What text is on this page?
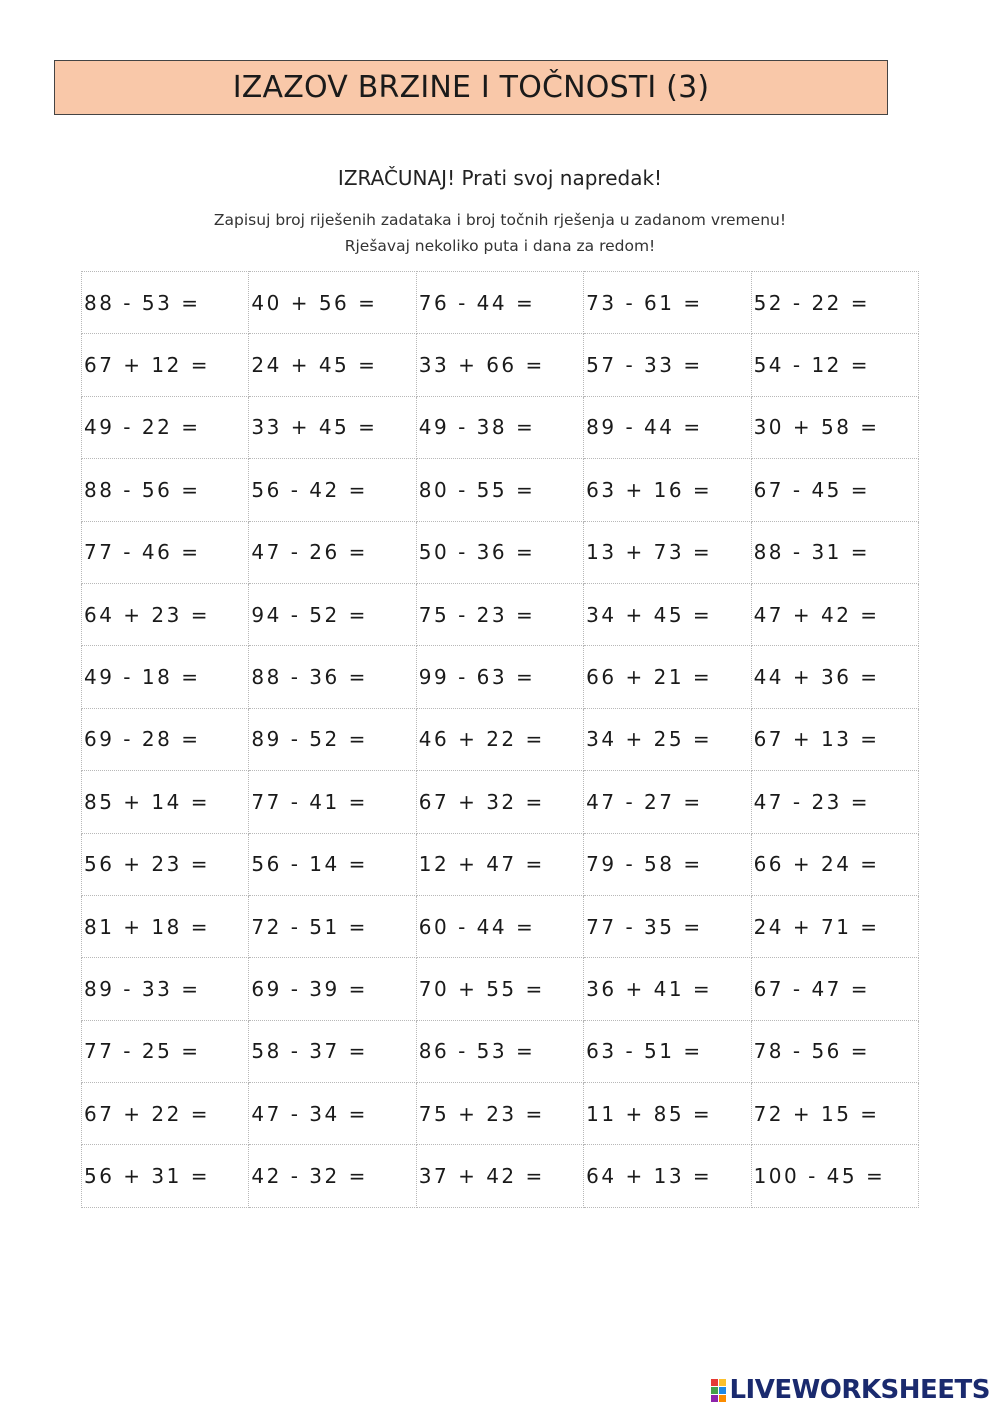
IZAZOV BRZINE I TOČNOSTI (3)
IZRAČUNAJ! Prati svoj napredak!
Zapisuj broj riješenih zadataka i broj točnih rješenja u zadanom vremenu!
Rješavaj nekoliko puta i dana za redom!
88 - 53 =	40 + 56 =	76 - 44 =	73 - 61 =	52 - 22 =
67 + 12 =	24 + 45 =	33 + 66 =	57 - 33 =	54 - 12 =
49 - 22 =	33 + 45 =	49 - 38 =	89 - 44 =	30 + 58 =
88 - 56 =	56 - 42 =	80 - 55 =	63 + 16 =	67 - 45 =
77 - 46 =	47 - 26 =	50 - 36 =	13 + 73 =	88 - 31 =
64 + 23 =	94 - 52 =	75 - 23 =	34 + 45 =	47 + 42 =
49 - 18 =	88 - 36 =	99 - 63 =	66 + 21 =	44 + 36 =
69 - 28 =	89 - 52 =	46 + 22 =	34 + 25 =	67 + 13 =
85 + 14 =	77 - 41 =	67 + 32 =	47 - 27 =	47 - 23 =
56 + 23 =	56 - 14 =	12 + 47 =	79 - 58 =	66 + 24 =
81 + 18 =	72 - 51 =	60 - 44 =	77 - 35 =	24 + 71 =
89 - 33 =	69 - 39 =	70 + 55 =	36 + 41 =	67 - 47 =
77 - 25 =	58 - 37 =	86 - 53 =	63 - 51 =	78 - 56 =
67 + 22 =	47 - 34 =	75 + 23 =	11 + 85 =	72 + 15 =
56 + 31 =	42 - 32 =	37 + 42 =	64 + 13 =	100 - 45 =
LIVEWORKSHEETS
